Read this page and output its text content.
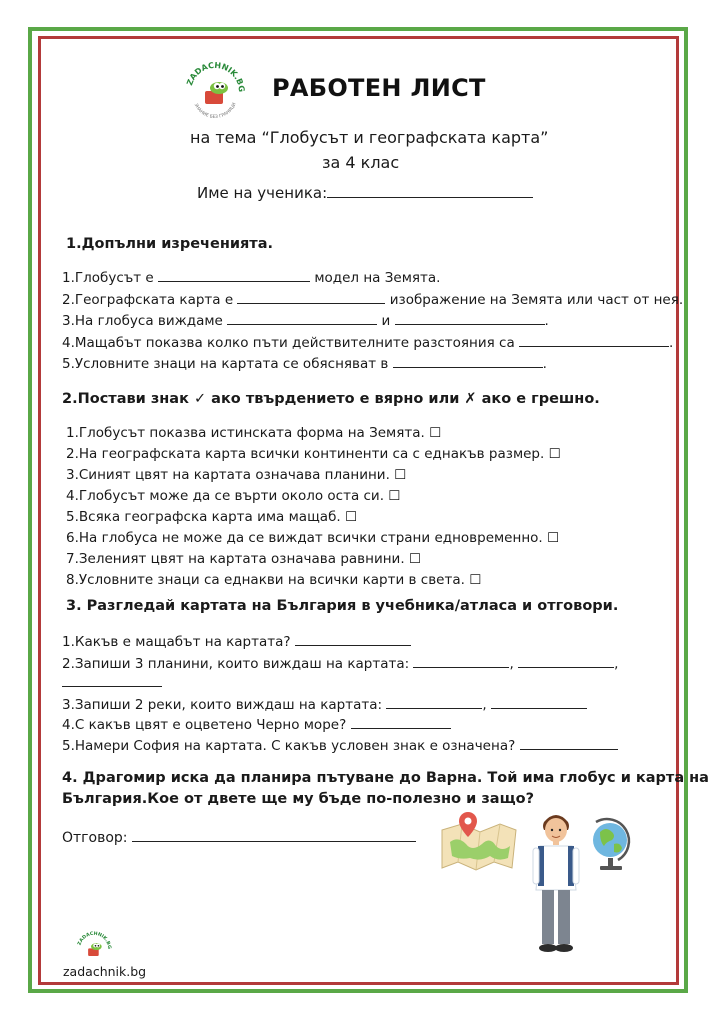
ZADACHNIK.BG
ЗНАНИЕ БЕЗ ГРАНИЦИ
РАБОТЕН ЛИСТ
на тема “Глобусът и географската карта”
за 4 клас
Име на ученика:
1.Допълни изреченията.
1.Глобусът е	модел на Земята.
2.Географската карта е	изображение на Земята или част от нея.
3.На глобуса виждаме	и	.
4.Мащабът показва колко пъти действителните разстояния са	.
5.Условните знаци на картата се обясняват в	.
2.Постави знак ✓ ако твърдението е вярно или ✗ ако е грешно.
1.Глобусът показва истинската форма на Земята. ☐
2.На географската карта всички континенти са с еднакъв размер. ☐
3.Синият цвят на картата означава планини. ☐
4.Глобусът може да се върти около оста си. ☐
5.Всяка географска карта има мащаб. ☐
6.На глобуса не може да се виждат всички страни едновременно. ☐
7.Зеленият цвят на картата означава равнини. ☐
8.Условните знаци са еднакви на всички карти в света. ☐
3. Разгледай картата на България в учебника/атласа и отговори.
1.Какъв е мащабът на картата?
2.Запиши 3 планини, които виждаш на картата:	,	,
3.Запиши 2 реки, които виждаш на картата:	,
4.С какъв цвят е оцветено Черно море?
5.Намери София на картата. С какъв условен знак е означена?
4. Драгомир иска да планира пътуване до Варна. Той има глобус и карта на
България.Кое от двете ще му бъде по-полезно и защо?
Отговор:
ZADACHNIK.BG
zadachnik.bg
